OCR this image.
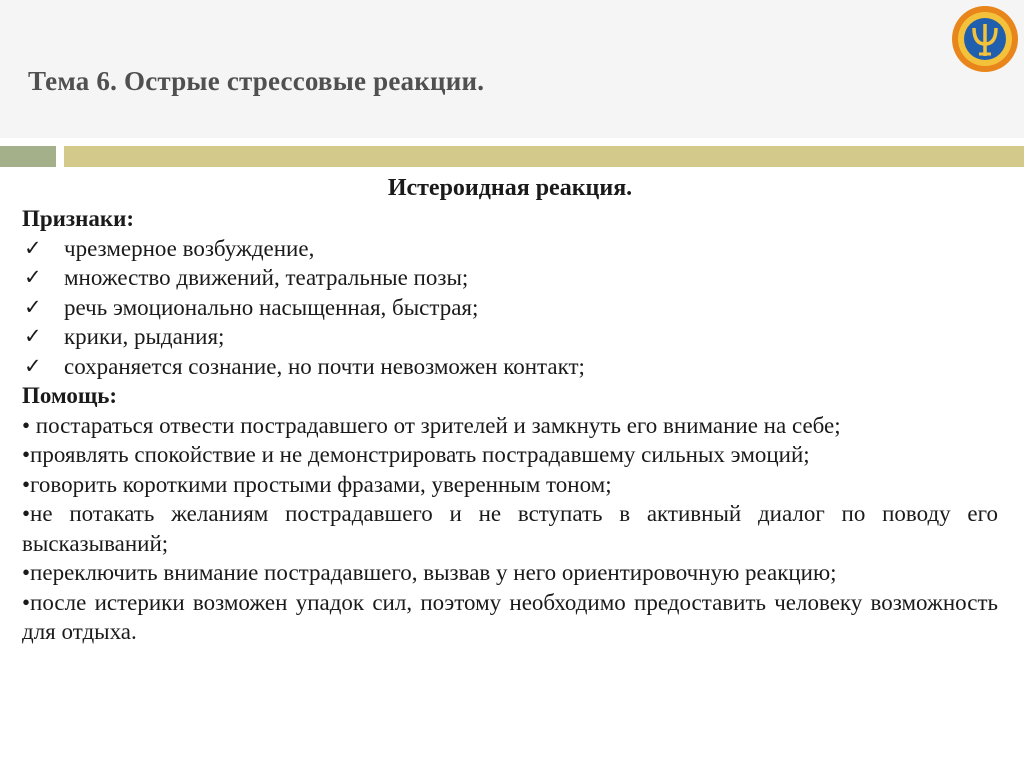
Тема 6. Острые стрессовые реакции.
Истероидная реакция.
Признаки:
✓ чрезмерное возбуждение,
✓ множество движений, театральные позы;
✓ речь эмоционально насыщенная, быстрая;
✓ крики, рыдания;
✓ сохраняется сознание, но почти невозможен контакт;
Помощь:

• постараться отвести пострадавшего от зрителей и замкнуть его внимание на себе;

•проявлять спокойствие и не демонстрировать пострадавшему сильных эмоций;

•говорить короткими простыми фразами, уверенным тоном;

•не потакать желаниям пострадавшего и не вступать в активный диалог по поводу его высказываний;

•переключить внимание пострадавшего, вызвав у него ориентировочную реакцию;

•после истерики возможен упадок сил, поэтому необходимо предоставить человеку возможность для отдыха.
